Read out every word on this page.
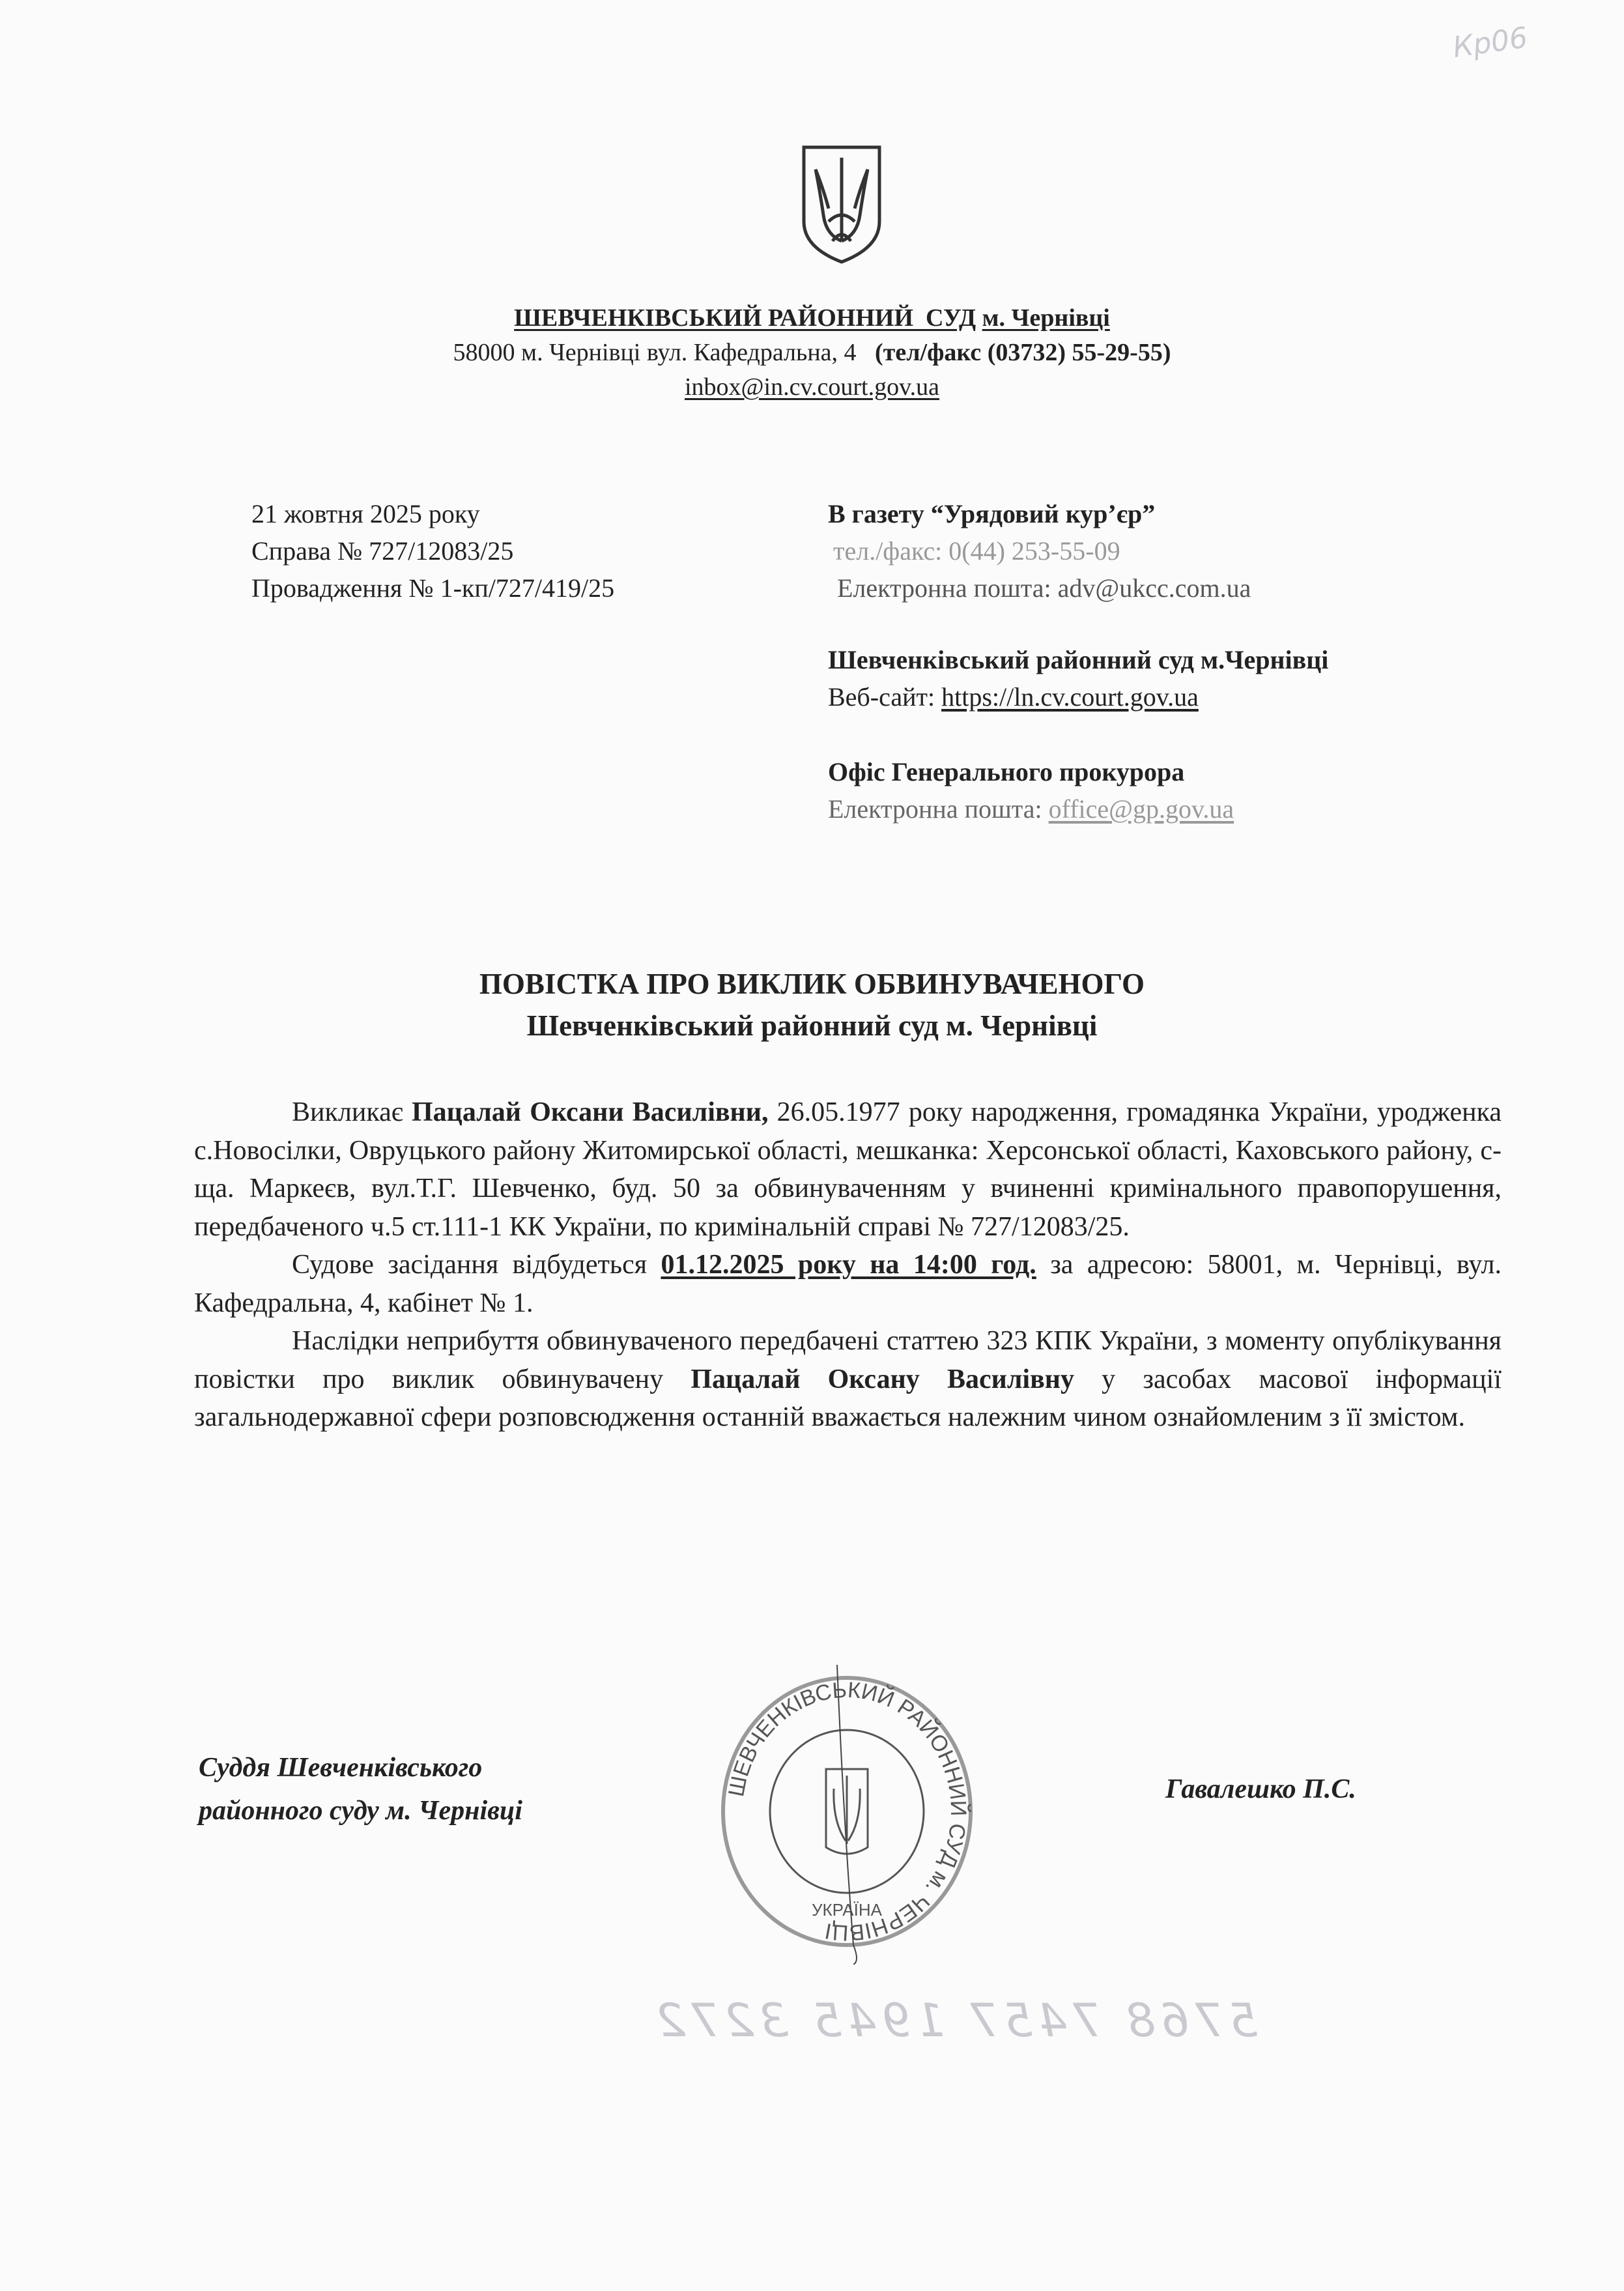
ШЕВЧЕНКІВСЬКИЙ РАЙОННИЙ  СУД м. Чернівці
58000 м. Чернівці вул. Кафедральна, 4 (тел/факс (03732) 55-29-55)
inbox@in.cv.court.gov.ua
21 жовтня 2025 року
Справа № 727/12083/25
Провадження № 1-кп/727/419/25
В газету “Урядовий кур’єр”
тел./факс: 0(44) 253-55-09
Електронна пошта: adv@ukcc.com.ua
Шевченківський районний суд м.Чернівці
Веб-сайт: https://ln.cv.court.gov.ua
Офіс Генерального прокурора
Електронна пошта: office@gp.gov.ua
ПОВІСТКА ПРО ВИКЛИК ОБВИНУВАЧЕНОГО
Шевченківський районний суд м. Чернівці

Викликає Пацалай Оксани Василівни, 26.05.1977 року народження, громадянка України, уродженка с.Новосілки, Овруцького району Житомирської області, мешканка: Херсонської області, Каховського району, с-ща. Маркеєв, вул.Т.Г. Шевченко, буд. 50 за обвинуваченням у вчиненні кримінального правопорушення, передбаченого ч.5 ст.111-1 КК України, по кримінальній справі № 727/12083/25.

Судове засідання відбудеться 01.12.2025 року на 14:00 год. за адресою: 58001, м. Чернівці, вул. Кафедральна, 4, кабінет № 1.

Наслідки неприбуття обвинуваченого передбачені статтею 323 КПК України, з моменту опублікування повістки про виклик обвинувачену Пацалай Оксану Василівну у засобах масової інформації загальнодержавної сфери розповсюдження останній вважається належним чином ознайомленим з її змістом.

Суддя Шевченківського
районного суду м. Чернівці
Гавалешко П.С.
ШЕВЧЕНКІВСЬКИЙ РАЙОННИЙ СУД м. ЧЕРНІВЦІ
УКРАЇНА
5768 7457 1945 3272
Кр06
